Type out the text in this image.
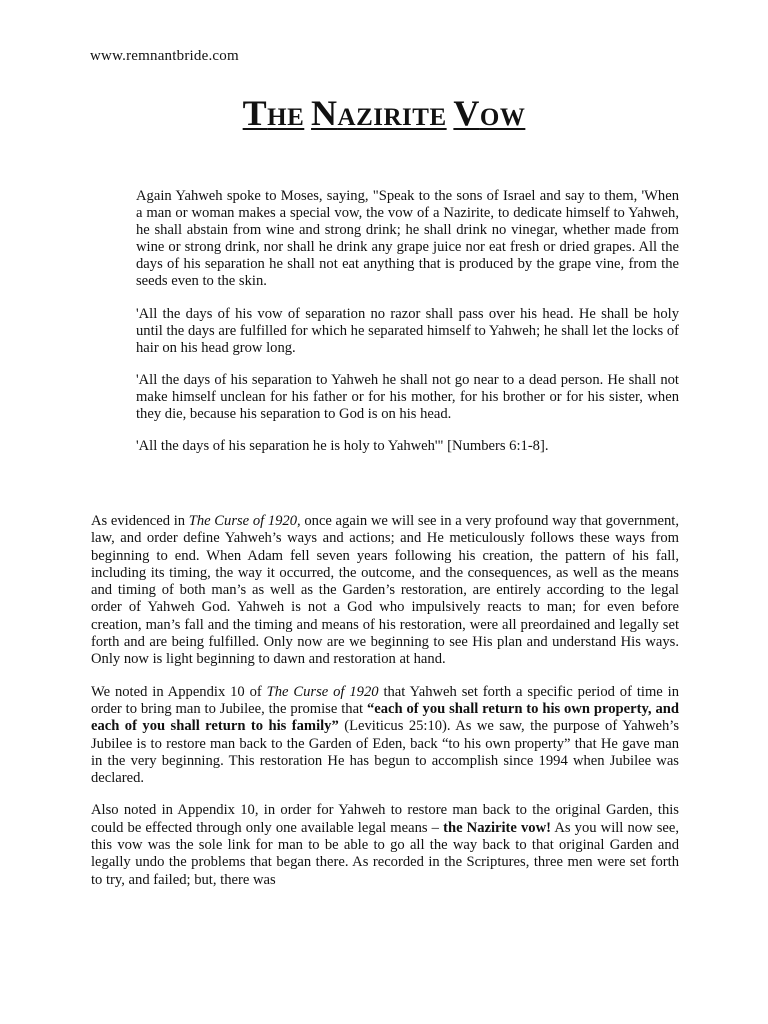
www.remnantbride.com
THE NAZIRITE VOW

Again Yahweh spoke to Moses, saying, "Speak to the sons of Israel and say to them, 'When a man or woman makes a special vow, the vow of a Nazirite, to dedicate himself to Yahweh, he shall abstain from wine and strong drink; he shall drink no vinegar, whether made from wine or strong drink, nor shall he drink any grape juice nor eat fresh or dried grapes. All the days of his separation he shall not eat anything that is produced by the grape vine, from the seeds even to the skin.

'All the days of his vow of separation no razor shall pass over his head. He shall be holy until the days are fulfilled for which he separated himself to Yahweh; he shall let the locks of hair on his head grow long.

'All the days of his separation to Yahweh he shall not go near to a dead person. He shall not make himself unclean for his father or for his mother, for his brother or for his sister, when they die, because his separation to God is on his head.

'All the days of his separation he is holy to Yahweh'" [Numbers 6:1-8].

As evidenced in The Curse of 1920, once again we will see in a very profound way that government, law, and order define Yahweh’s ways and actions; and He meticulously follows these ways from beginning to end. When Adam fell seven years following his creation, the pattern of his fall, including its timing, the way it occurred, the outcome, and the consequences, as well as the means and timing of both man’s as well as the Garden’s restoration, are entirely according to the legal order of Yahweh God. Yahweh is not a God who impulsively reacts to man; for even before creation, man’s fall and the timing and means of his restoration, were all preordained and legally set forth and are being fulfilled. Only now are we beginning to see His plan and understand His ways. Only now is light beginning to dawn and restoration at hand.

We noted in Appendix 10 of The Curse of 1920 that Yahweh set forth a specific period of time in order to bring man to Jubilee, the promise that “each of you shall return to his own property, and each of you shall return to his family” (Leviticus 25:10). As we saw, the purpose of Yahweh’s Jubilee is to restore man back to the Garden of Eden, back “to his own property” that He gave man in the very beginning. This restoration He has begun to accomplish since 1994 when Jubilee was declared.

Also noted in Appendix 10, in order for Yahweh to restore man back to the original Garden, this could be effected through only one available legal means – the Nazirite vow! As you will now see, this vow was the sole link for man to be able to go all the way back to that original Garden and legally undo the problems that began there. As recorded in the Scriptures, three men were set forth to try, and failed; but, there was
